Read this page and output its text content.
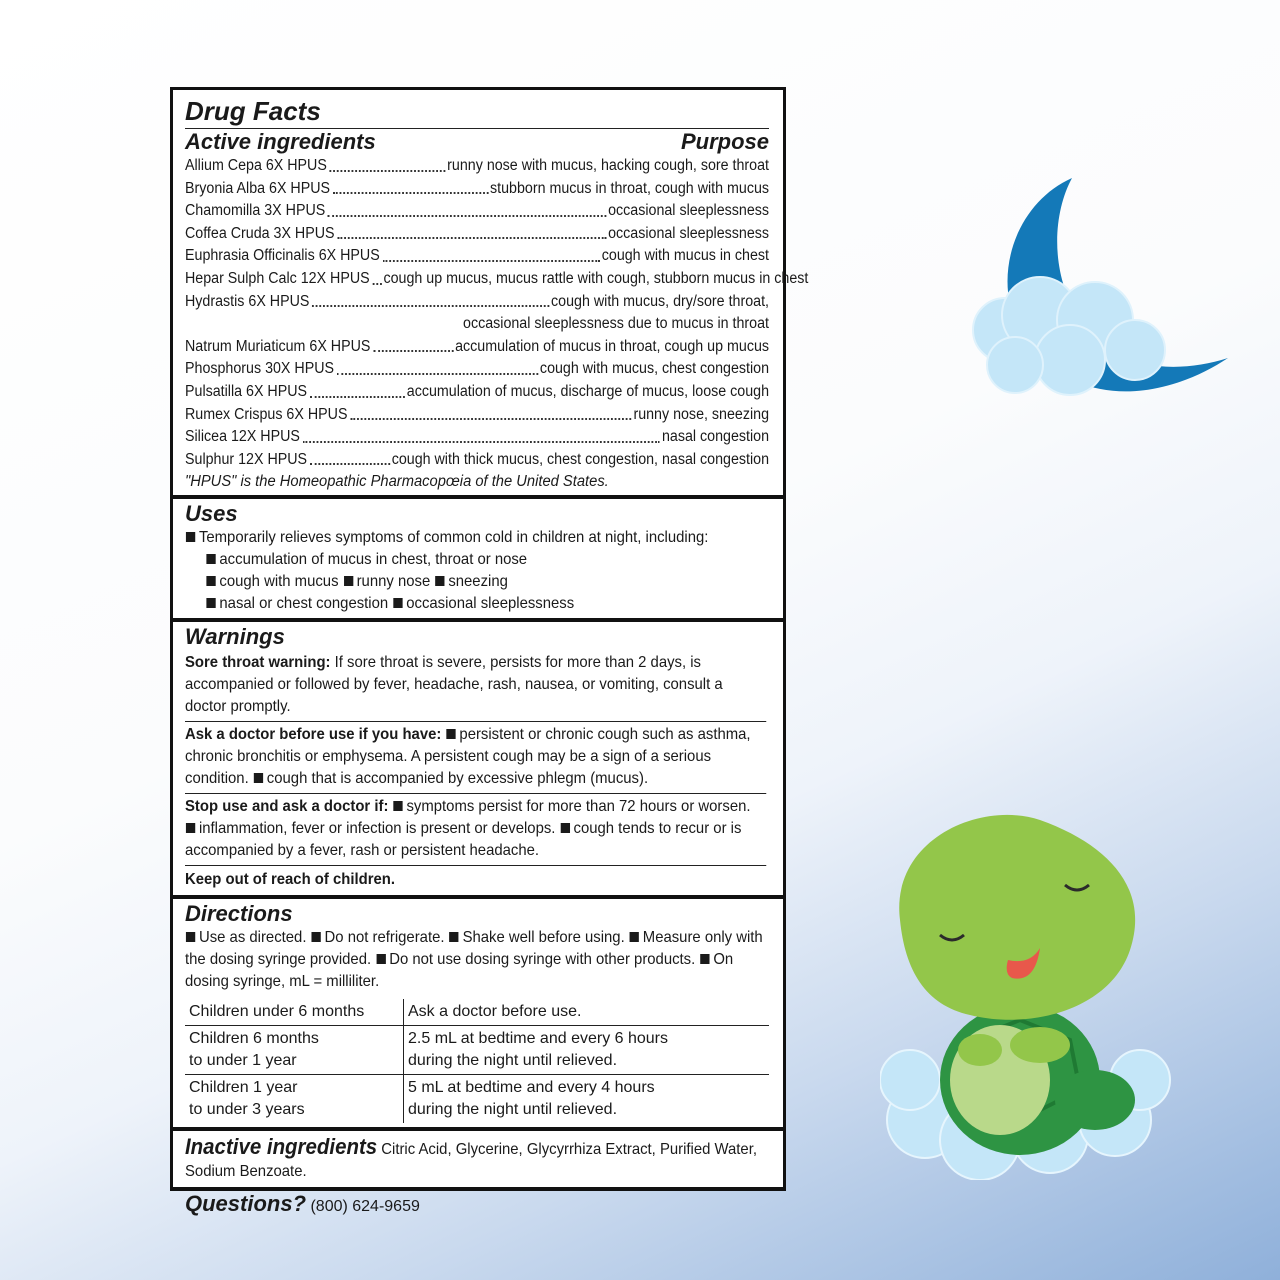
Drug Facts
Active ingredients	Purpose
Allium Cepa 6X HPUS	runny nose with mucus, hacking cough, sore throat
Bryonia Alba 6X HPUS	stubborn mucus in throat, cough with mucus
Chamomilla 3X HPUS	occasional sleeplessness
Coffea Cruda 3X HPUS	occasional sleeplessness
Euphrasia Officinalis 6X HPUS	cough with mucus in chest
Hepar Sulph Calc 12X HPUS cough up mucus, mucus rattle with cough, stubborn mucus in chest
Hydrastis 6X HPUS	cough with mucus, dry/sore throat,
occasional sleeplessness due to mucus in throat
Natrum Muriaticum 6X HPUS	accumulation of mucus in throat, cough up mucus
Phosphorus 30X HPUS	cough with mucus, chest congestion
Pulsatilla 6X HPUS	accumulation of mucus, discharge of mucus, loose cough
Rumex Crispus 6X HPUS	runny nose, sneezing
Silicea 12X HPUS	nasal congestion
Sulphur 12X HPUS	cough with thick mucus, chest congestion, nasal congestion
"HPUS" is the Homeopathic Pharmacopœia of the United States.
Uses
Temporarily relieves symptoms of common cold in children at night, including:
accumulation of mucus in chest, throat or nose
cough with mucus runny nose sneezing
nasal or chest congestion occasional sleeplessness
Warnings
Sore throat warning: If sore throat is severe, persists for more than 2 days, is accompanied or followed by fever, headache, rash, nausea, or vomiting, consult a doctor promptly.
Ask a doctor before use if you have: persistent or chronic cough such as asthma, chronic bronchitis or emphysema. A persistent cough may be a sign of a serious condition. cough that is accompanied by excessive phlegm (mucus).
Stop use and ask a doctor if: symptoms persist for more than 72 hours or worsen. inflammation, fever or infection is present or develops. cough tends to recur or is accompanied by a fever, rash or persistent headache.
Keep out of reach of children.
Directions
Use as directed. Do not refrigerate. Shake well before using. Measure only with the dosing syringe provided. Do not use dosing syringe with other products. On dosing syringe, mL = milliliter.
Children under 6 months	Ask a doctor before use.
Children 6 months
to under 1 year	2.5 mL at bedtime and every 6 hours
during the night until relieved.
Children 1 year
to under 3 years	5 mL at bedtime and every 4 hours
during the night until relieved.
Inactive ingredients Citric Acid, Glycerine, Glycyrrhiza Extract, Purified Water, Sodium Benzoate.
Questions? (800) 624-9659
